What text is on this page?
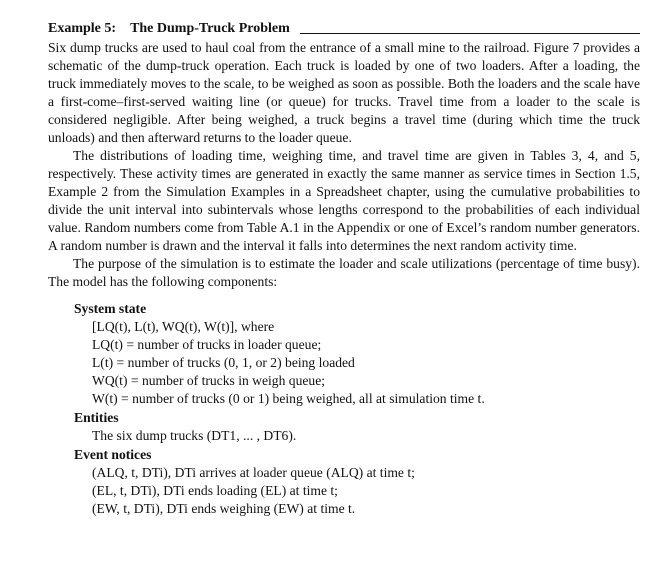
Example 5: The Dump-Truck Problem

Six dump trucks are used to haul coal from the entrance of a small mine to the railroad. Figure 7 provides a schematic of the dump-truck operation. Each truck is loaded by one of two loaders. After a loading, the truck immediately moves to the scale, to be weighed as soon as possible. Both the loaders and the scale have a first-come–first-served waiting line (or queue) for trucks. Travel time from a loader to the scale is considered negligible. After being weighed, a truck begins a travel time (during which time the truck unloads) and then afterward returns to the loader queue.

The distributions of loading time, weighing time, and travel time are given in Tables 3, 4, and 5, respectively. These activity times are generated in exactly the same manner as service times in Section 1.5, Example 2 from the Simulation Examples in a Spreadsheet chapter, using the cumulative probabilities to divide the unit interval into subintervals whose lengths correspond to the probabilities of each individual value. Random numbers come from Table A.1 in the Appendix or one of Excel’s random number generators. A random number is drawn and the interval it falls into determines the next random activity time.

The purpose of the simulation is to estimate the loader and scale utilizations (percentage of time busy). The model has the following components:

System state
[LQ(t), L(t), WQ(t), W(t)], where
LQ(t) = number of trucks in loader queue;
L(t) = number of trucks (0, 1, or 2) being loaded
WQ(t) = number of trucks in weigh queue;
W(t) = number of trucks (0 or 1) being weighed, all at simulation time t.
Entities
The six dump trucks (DT1, ... , DT6).
Event notices
(ALQ, t, DTi), DTi arrives at loader queue (ALQ) at time t;
(EL, t, DTi), DTi ends loading (EL) at time t;
(EW, t, DTi), DTi ends weighing (EW) at time t.
